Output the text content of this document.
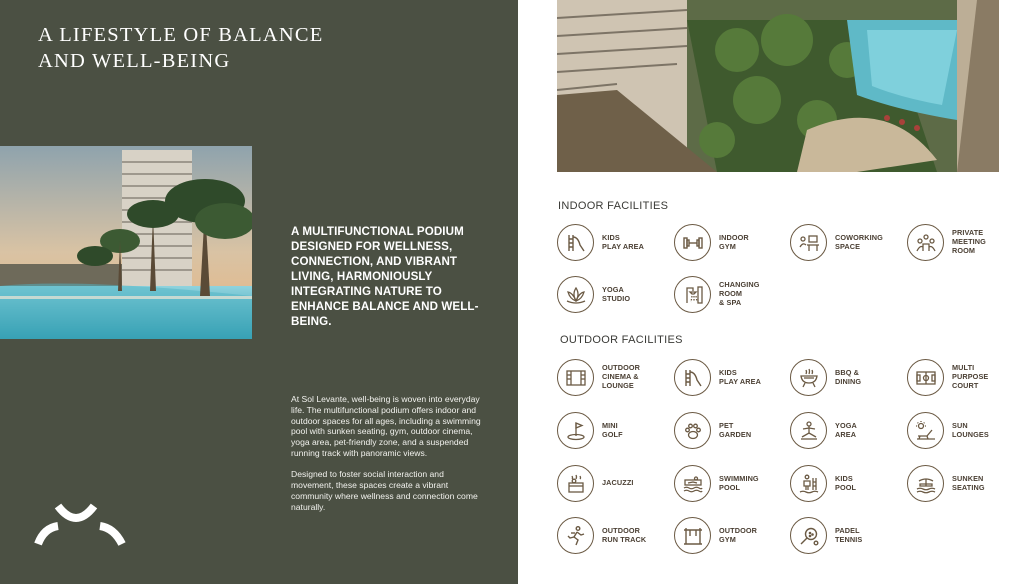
A LIFESTYLE OF BALANCE
AND WELL-BEING
A MULTIFUNCTIONAL PODIUM DESIGNED FOR WELLNESS, CONNECTION, AND VIBRANT LIVING, HARMONIOUSLY INTEGRATING NATURE TO ENHANCE BALANCE AND WELL-BEING.

At Sol Levante, well-being is woven into everyday life. The multifunctional podium offers indoor and outdoor spaces for all ages, including a swimming pool with sunken seating, gym, outdoor cinema, yoga area, pet-friendly zone, and a suspended running track with panoramic views.

Designed to foster social interaction and movement, these spaces create a vibrant community where wellness and connection come naturally.

INDOOR FACILITIES
KIDS
PLAY AREA
INDOOR
GYM
COWORKING
SPACE
PRIVATE
MEETING
ROOM
YOGA
STUDIO
CHANGING
ROOM
& SPA
OUTDOOR FACILITIES
OUTDOOR
CINEMA &
LOUNGE
KIDS
PLAY AREA
BBQ &
DINING
MULTI
PURPOSE
COURT
MINI
GOLF
PET
GARDEN
YOGA
AREA
SUN
LOUNGES
JACUZZI	SWIMMING
POOL
KIDS
POOL
SUNKEN
SEATING
OUTDOOR
RUN TRACK
OUTDOOR
GYM
PADEL
TENNIS
